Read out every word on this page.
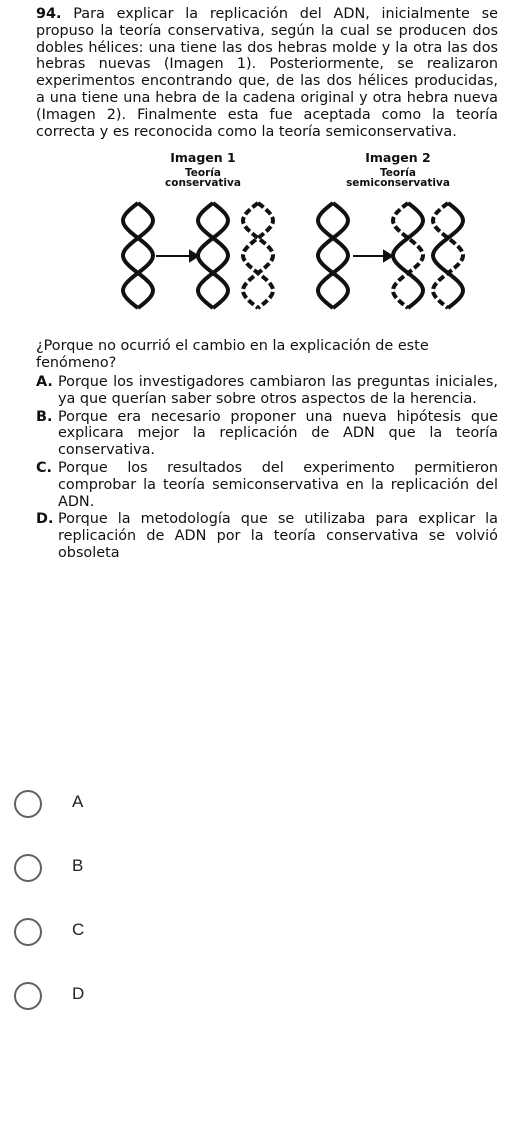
94. Para explicar la replicación del ADN, inicialmente se propuso la teoría conservativa, según la cual se producen dos dobles hélices: una tiene las dos hebras molde y la otra las dos hebras nuevas (Imagen 1). Posteriormente, se realizaron experimentos encontrando que, de las dos hélices producidas, a una tiene una hebra de la cadena original y otra hebra nueva (Imagen 2). Finalmente esta fue aceptada como la teoría correcta y es reconocida como la teoría semiconservativa.
Imagen 1
Teoría
conservativa
Imagen 2
Teoría
semiconservativa
¿Porque no ocurrió el cambio en la explicación de este fenómeno?
A. Porque los investigadores cambiaron las preguntas iniciales, ya que querían saber sobre otros aspectos de la herencia.
B. Porque era necesario proponer una nueva hipótesis que explicara mejor la replicación de ADN que la teoría conservativa.
C. Porque los resultados del experimento permitieron comprobar la teoría semiconservativa en la replicación del ADN.
D. Porque la metodología que se utilizaba para explicar la replicación de ADN por la teoría conservativa se volvió obsoleta
A
B
C
D
